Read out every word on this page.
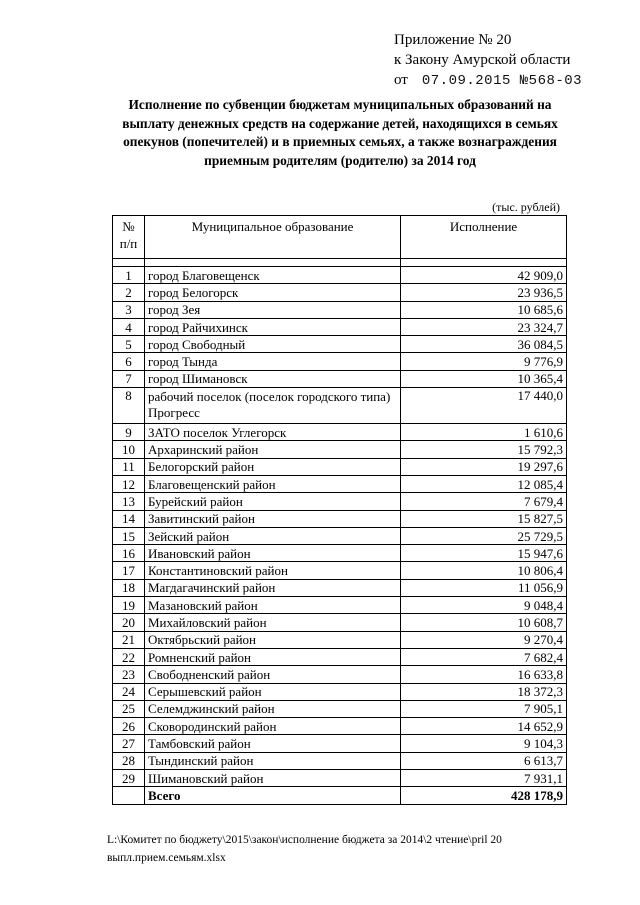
Приложение № 20
к Закону Амурской области
от 07.09.2015 №568-03
Исполнение по субвенции бюджетам муниципальных образований на выплату денежных средств на содержание детей, находящихся в семьях опекунов (попечителей) и в приемных семьях, а также вознаграждения приемным родителям (родителю) за 2014 год
(тыс. рублей)
№ п/п	Муниципальное образование	Исполнение

1	город Благовещенск	42 909,0
2	город Белогорск	23 936,5
3	город Зея	10 685,6
4	город Райчихинск	23 324,7
5	город Свободный	36 084,5
6	город Тында	9 776,9
7	город Шимановск	10 365,4
8	рабочий поселок (поселок городского типа) Прогресс	17 440,0
9	ЗАТО поселок Углегорск	1 610,6
10	Архаринский район	15 792,3
11	Белогорский район	19 297,6
12	Благовещенский район	12 085,4
13	Бурейский район	7 679,4
14	Завитинский район	15 827,5
15	Зейский район	25 729,5
16	Ивановский район	15 947,6
17	Константиновский район	10 806,4
18	Магдагачинский район	11 056,9
19	Мазановский район	9 048,4
20	Михайловский район	10 608,7
21	Октябрьский район	9 270,4
22	Ромненский район	7 682,4
23	Свободненский район	16 633,8
24	Серышевский район	18 372,3
25	Селемджинский район	7 905,1
26	Сковородинский район	14 652,9
27	Тамбовский район	9 104,3
28	Тындинский район	6 613,7
29	Шимановский район	7 931,1
	Всего	428 178,9
L:\Комитет по бюджету\2015\закон\исполнение бюджета за 2014\2 чтение\pril 20
выпл.прием.семьям.xlsx
